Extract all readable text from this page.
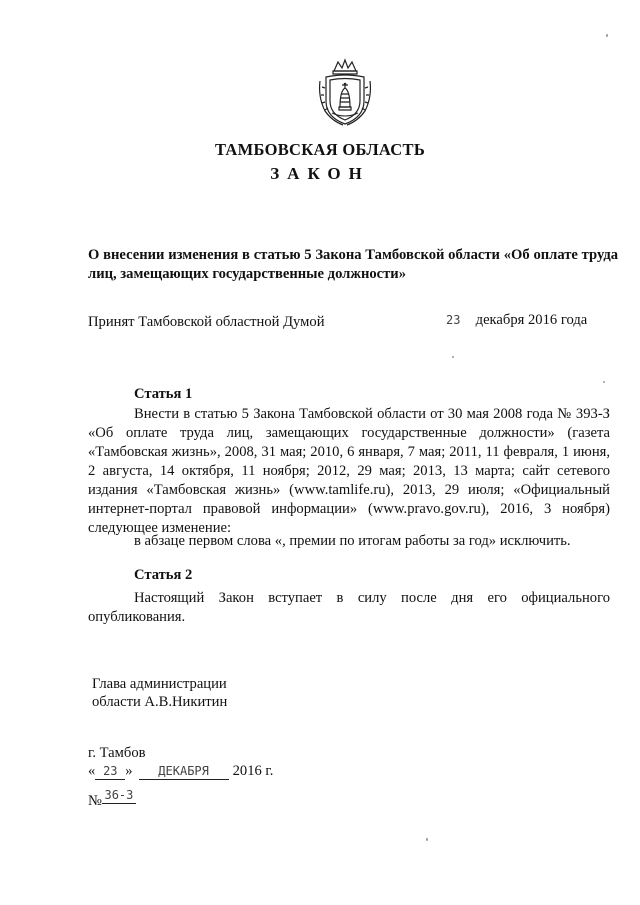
ТАМБОВСКАЯ ОБЛАСТЬ
ЗАКОН
О внесении изменения в статью 5 Закона Тамбовской области «Об оплате труда лиц, замещающих государственные должности»
Принят Тамбовской областной Думой	23 декабря 2016 года
Статья 1
Внести в статью 5 Закона Тамбовской области от 30 мая 2008 года № 393-З «Об оплате труда лиц, замещающих государственные должности» (газета «Тамбовская жизнь», 2008, 31 мая; 2010, 6 января, 7 мая; 2011, 11 февраля, 1 июня, 2 августа, 14 октября, 11 ноября; 2012, 29 мая; 2013, 13 марта; сайт сетевого издания «Тамбовская жизнь» (www.tamlife.ru), 2013, 29 июля; «Официальный интернет-портал правовой информации» (www.pravo.gov.ru), 2016, 3 ноября) следующее изменение:
в абзаце первом слова «, премии по итогам работы за год» исключить.
Статья 2
Настоящий Закон вступает в силу после дня его официального опубликования.
Глава администрации
области А.В.Никитин
г. Тамбов
« 23 » ДЕКАБРЯ 2016 г.
№ 36-З
